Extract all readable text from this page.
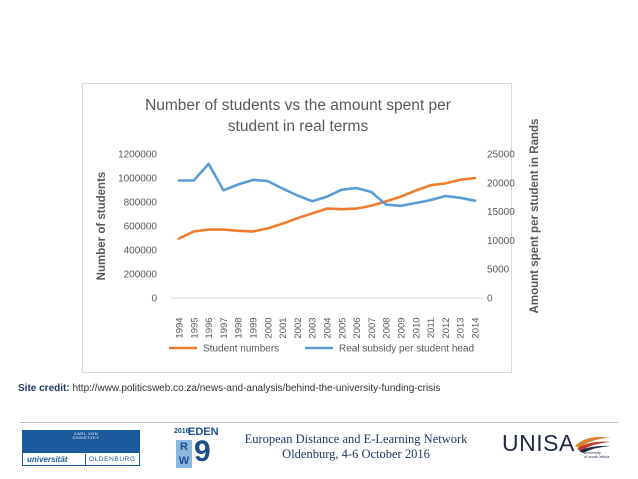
Number of students vs the amount spent per
student in real terms
0
200000
400000
600000
800000
1000000
1200000
0
5000
10000
15000
20000
25000
1994 1995 1996 1997 1998 1999 2000 2001 2002 2003 2004 2005 2006 2007 2008 2009 2010 2011 2012 2013 2014
Number of students	Amount spent per student in Rands
Student numbers	Real subsidy per student head
Site credit: http://www.politicsweb.co.za/news-and-analysis/behind-the-university-funding-crisis
CARL VON OSSIETZKY
universität	OLDENBURG
2016
EDEN
R
W 9	European Distance and E-Learning Network
Oldenburg, 4-6 October 2016	UNISA university
of south africa
